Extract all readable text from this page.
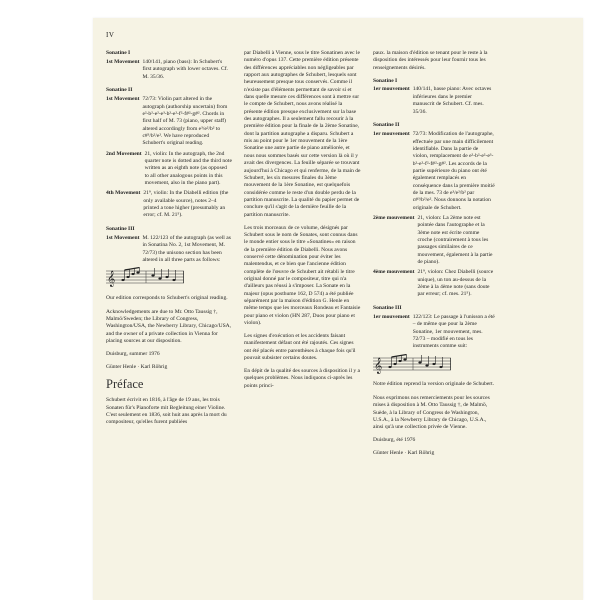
IV
Sonatine I
1st Movement 140/141, piano (bass): In Schubert's first autograph with lower octaves. Cf. M. 35/36.
Sonatine II
1st Movement 72/73: Violin part altered in the autograph (authorship uncertain) from e²-b²-e²-e³-b²-e²-f²-f#²-g#². Chords in first half of M. 73 (piano, upper staff) altered accordingly from e³/e²/b² to c#³/b²/e². We have reproduced Schubert's original reading.
2nd Movement 21, violin: In the autograph, the 2nd quarter note is dotted and the third note written as an eighth note (as opposed to all other analogous points in this movement, also in the piano part).
4th Movement 21⁹, violin: In the Diabelli edition (the only available source), notes 2–4 printed a tone higher (presumably an error; cf. M. 21⁵).
Sonatine III
1st Movement M. 122/123 of the autograph (as well as in Sonatina No. 2, 1st Movement, M. 72/73) the unisono section has been altered in all three parts as follows:
𝄞

Our edition corresponds to Schubert's original reading.

Acknowledgements are due to Mr. Otto Taussig †, Malmö/Sweden; the Library of Congress, Washington/USA, the Newberry Library, Chicago/USA, and the owner of a private collection in Vienna for placing sources at our disposition.

Duisburg, summer 1976

Günter Henle · Karl Röhrig

Préface

Schubert écrivit en 1816, à l'âge de 19 ans, les trois Sonaten für's Pianoforte mit Begleitung einer Violine. C'est seulement en 1836, soit huit ans après la mort du compositeur, qu'elles furent publiées

par Diabelli à Vienne, sous le titre Sonatinen avec le numéro d'opus 137. Cette première édition présente des différences appréciables non négligeables par rapport aux autographes de Schubert, lesquels sont heureusement presque tous conservés. Comme il n'existe pas d'éléments permettant de savoir si et dans quelle mesure ces différences sont à mettre sur le compte de Schubert, nous avons réalisé la présente édition presque exclusivement sur la base des autographes. Il a seulement fallu recourir à la première édition pour la finale de la 2ème Sonatine, dont la partition autographe a disparu. Schubert a mis au point pour le 1er mouvement de la 1ère Sonatine une autre partie de piano améliorée, et nous nous sommes basés sur cette version là où il y avait des divergences. La feuille séparée se trouvant aujourd'hui à Chicago et qui renferme, de la main de Schubert, les six mesures finales du 3ème mouvement de la 1ère Sonatine, est quelquefois considérée comme le reste d'un double perdu de la partition manuscrite. La qualité du papier permet de conclure qu'il s'agit de la dernière feuille de la partition manuscrite.

Les trois morceaux de ce volume, désignés par Schubert sous le nom de Sonates, sont connus dans le monde entier sous le titre «Sonatines» en raison de la première édition de Diabelli. Nous avons conservé cette dénomination pour éviter les malentendus, et ce bien que l'ancienne édition complète de l'œuvre de Schubert ait rétabli le titre original donné par le compositeur, titre qui n'a d'ailleurs pas réussi à s'imposer. La Sonate en la majeur (opus posthume 162, D 574) a été publiée séparément par la maison d'édition G. Henle en même temps que les morceaux Rondeau et Fantaisie pour piano et violon (HN 287, Duos pour piano et violon).

Les signes d'exécution et les accidents faisant manifestement défaut ont été rajoutés. Ces signes ont été placés entre parenthèses à chaque fois qu'il pouvait subsister certains doutes.

En dépit de la qualité des sources à disposition il y a quelques problèmes. Nous indiquons ci-après les points princi-

paux. la maison d'édition se tenant pour le reste à la disposition des intéressés pour leur fournir tous les renseignements désirés.

Sonatine I
1er mouvement 140/141, basse piano: Avec octaves inférieures dans le premier manuscrit de Schubert. Cf. mes. 35/36.
Sonatine II
1er mouvement 72/73: Modification de l'autographe, effectuée par une main difficilement identifiable. Dans la partie de violon, remplacement de e²-b²-e²-e³-b²-e²-f²-f#²-g#². Les accords de la partie supérieure du piano ont été également remplacés en conséquence dans la première moitié de la mes. 73 de e³/e²/b² par c#³/b²/e². Nous donnons la notation originale de Schubert.
2ème mouvement 21, violon: La 2ème note est pointée dans l'autographe et la 3ème note est écrite comme croche (contrairement à tous les passages similaires de ce mouvement, également à la partie de piano).
4ème mouvement 21⁹, violon: Chez Diabelli (source unique), un ton au-dessus de la 2ème à la 4ème note (sans doute par erreur; cf. mes. 21⁵).
Sonatine III
1er mouvement 122/123: Le passage à l'unisson a été – de même que pour la 2ème Sonatine, 1er mouvement, mes. 72/73 – modifié en tous les instruments comme suit:
𝄞

Notre édition reprend la version originale de Schubert.

Nous exprimons nos remerciements pour les sources mises à disposition à M. Otto Taussig †, de Malmö, Suède, à la Library of Congress de Washington, U.S.A., à la Newberry Library de Chicago, U.S.A., ainsi qu'à une collection privée de Vienne.

Duisburg, été 1976

Günter Henle · Karl Röhrig
